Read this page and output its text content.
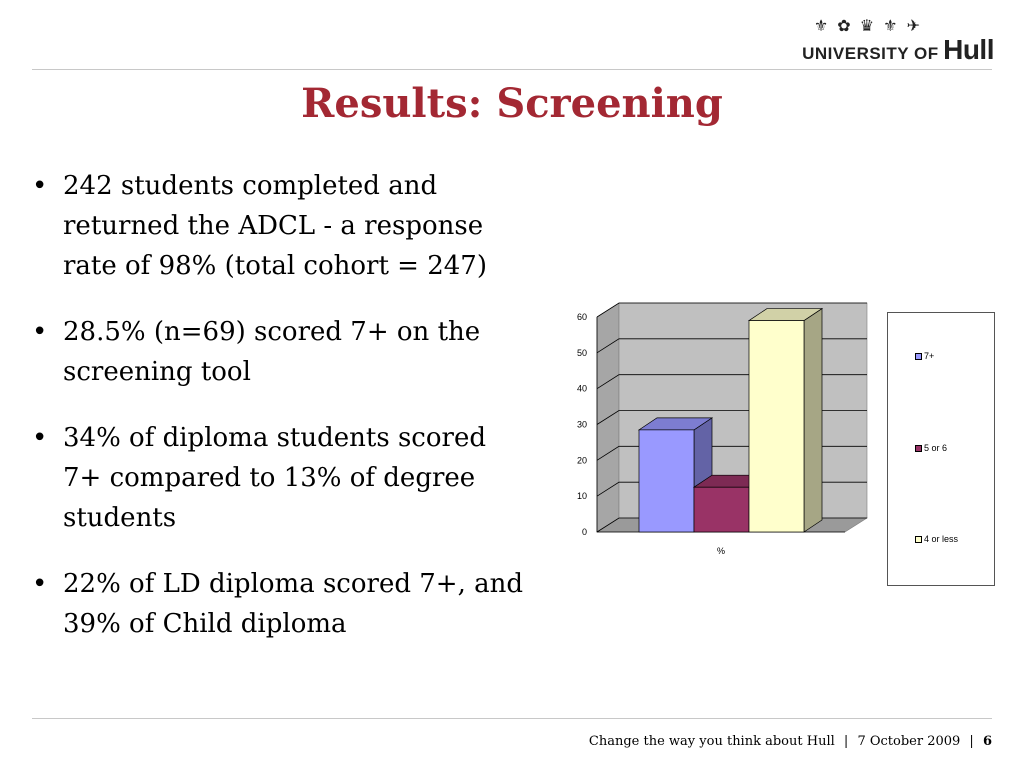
⚜ ✿ ♛ ⚜ ✈
UNIVERSITY OF Hull
Results: Screening
• 242 students completed and returned the ADCL - a response rate of 98% (total cohort = 247)
• 28.5% (n=69) scored 7+ on the screening tool
• 34% of diploma students scored 7+ compared to 13% of degree students
• 22% of LD diploma scored 7+, and 39% of Child diploma
0
10
20
30
40
50
60
%
7+
5 or 6
4 or less
Change the way you think about Hull | 7 October 2009 | 6
